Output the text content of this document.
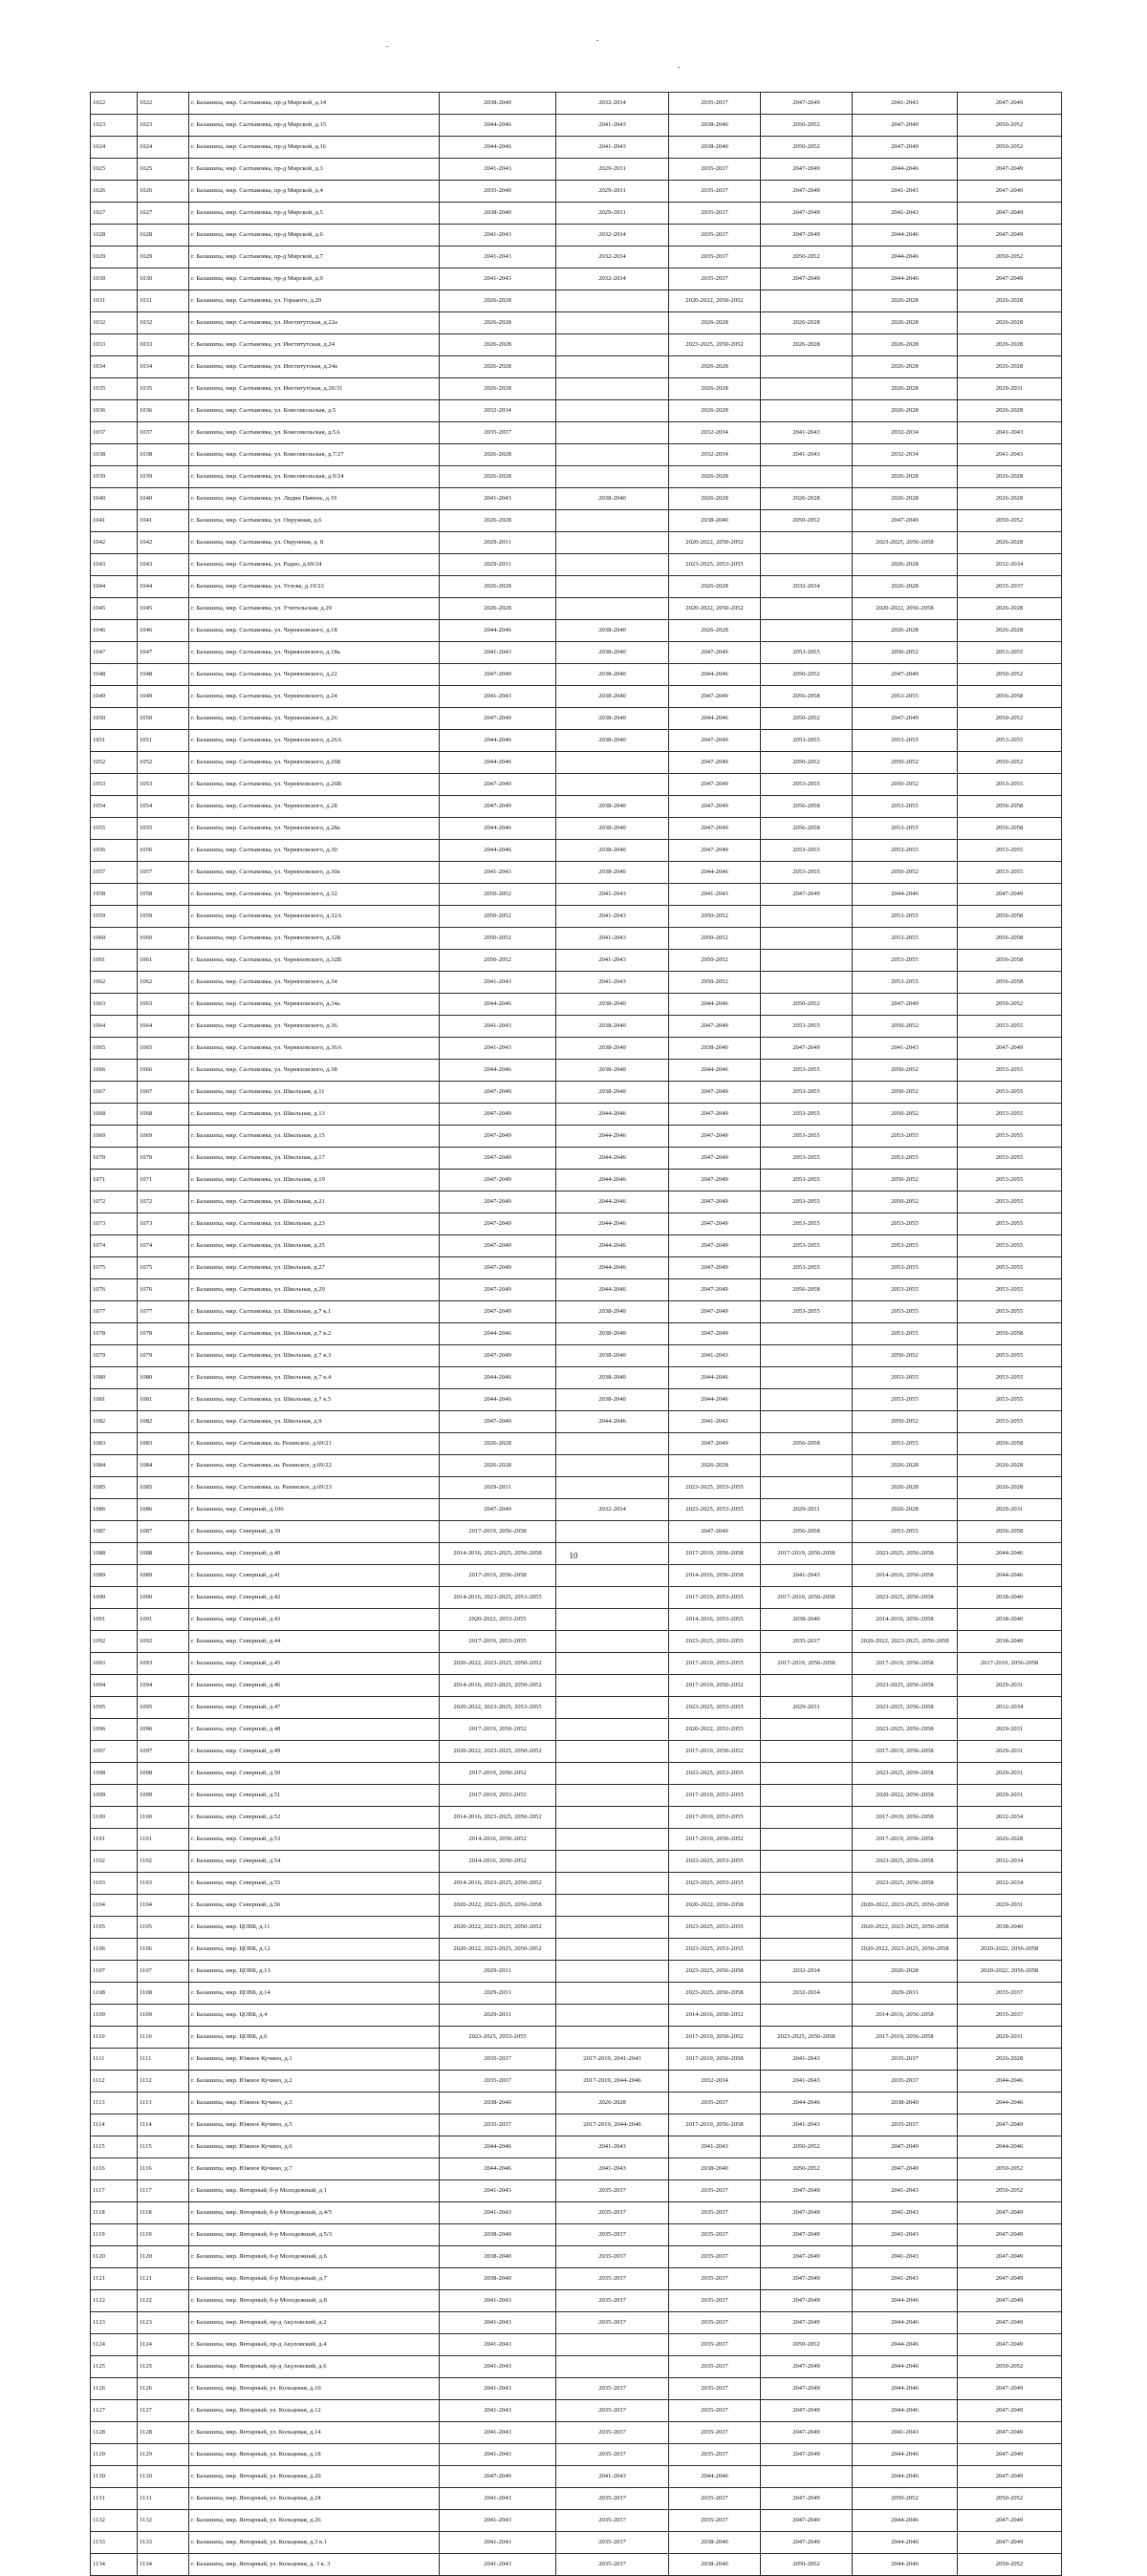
1022	1022	г. Балашиха, мкр. Салтыковка, пр-д Мирской, д.14	2038-2040	2032-2034	2035-2037	2047-2049	2041-2043	2047-2049
1023	1023	г. Балашиха, мкр. Салтыковка, пр-д Мирской, д.15	2044-2046	2041-2043	2038-2040	2050-2052	2047-2049	2050-2052
1024	1024	г. Балашиха, мкр. Салтыковка, пр-д Мирской, д.16	2044-2046	2041-2043	2038-2040	2050-2052	2047-2049	2050-2052
1025	1025	г. Балашиха, мкр. Салтыковка, пр-д Мирской, д.3	2041-2043	2029-2031	2035-2037	2047-2049	2044-2046	2047-2049
1026	1026	г. Балашиха, мкр. Салтыковка, пр-д Мирской, д.4	2035-2040	2029-2031	2035-2037	2047-2049	2041-2043	2047-2049
1027	1027	г. Балашиха, мкр. Салтыковка, пр-д Мирской, д.5	2038-2040	2029-2031	2035-2037	2047-2049	2041-2043	2047-2049
1028	1028	г. Балашиха, мкр. Салтыковка, пр-д Мирской, д.6	2041-2043	2032-2034	2035-2037	2047-2049	2044-2046	2047-2049
1029	1029	г. Балашиха, мкр. Салтыковка, пр-д Мирской, д.7	2041-2043	2032-2034	2035-2037	2050-2052	2044-2046	2050-2052
1030	1030	г. Балашиха, мкр. Салтыковка, пр-д Мирской, д.9	2041-2043	2032-2034	2035-2037	2047-2049	2044-2046	2047-2049
1031	1031	г. Балашиха, мкр. Салтыковка, ул. Горького, д.29	2026-2028		2020-2022, 2050-2052		2026-2028	2026-2028
1032	1032	г. Балашиха, мкр. Салтыковка, ул. Институтская, д.22а	2026-2028		2026-2028	2026-2028	2026-2028	2026-2028
1033	1033	г. Балашиха, мкр. Салтыковка, ул. Институтская, д.24	2026-2028		2023-2025, 2050-2052	2026-2028	2026-2028	2026-2028
1034	1034	г. Балашиха, мкр. Салтыковка, ул. Институтская, д.24а	2026-2028		2026-2028		2026-2028	2026-2028
1035	1035	г. Балашиха, мкр. Салтыковка, ул. Институтская, д.26/31	2026-2028		2026-2028		2026-2028	2029-2031
1036	1036	г. Балашиха, мкр. Салтыковка, ул. Комсомольская, д.5	2032-2034		2026-2028		2026-2028	2026-2028
1037	1037	г. Балашиха, мкр. Салтыковка, ул. Комсомольская, д.5А	2035-2037		2032-2034	2041-2043	2032-2034	2041-2043
1038	1038	г. Балашиха, мкр. Салтыковка, ул. Комсомольская, д.7/27	2026-2028		2032-2034	2041-2043	2032-2034	2041-2043
1039	1039	г. Балашиха, мкр. Салтыковка, ул. Комсомольская, д.9/24	2026-2028		2026-2028		2026-2028	2026-2028
1040	1040	г. Балашиха, мкр. Салтыковка, ул. Лидии Пивень, д.19	2041-2043	2038-2040	2026-2028	2026-2028	2026-2028	2026-2028
1041	1041	г. Балашиха, мкр. Салтыковка, ул. Окружная, д.6	2026-2028		2038-2040	2050-2052	2047-2049	2050-2052
1042	1042	г. Балашиха, мкр. Салтыковка, ул. Окружная, д. 8	2029-2031		2020-2022, 2050-2052		2023-2025, 2056-2058	2026-2028
1043	1043	г. Балашиха, мкр. Салтыковка, ул. Радио, д.69/24	2029-2031		2023-2025, 2053-2055		2026-2028	2032-2034
1044	1044	г. Балашиха, мкр. Салтыковка, ул. Углова, д.19/23	2026-2028		2026-2028	2032-2034	2026-2028	2035-2037
1045	1045	г. Балашиха, мкр. Салтыковка, ул. Учительская, д.29	2026-2028		2020-2022, 2050-2052		2020-2022, 2056-2058	2026-2028
1046	1046	г. Балашиха, мкр. Салтыковка, ул. Черняховского, д.18	2044-2046	2038-2040	2026-2028		2026-2028	2026-2028
1047	1047	г. Балашиха, мкр. Салтыковка, ул. Черняховского, д.18а	2041-2043	2038-2040	2047-2049	2053-2055	2050-2052	2053-2055
1048	1048	г. Балашиха, мкр. Салтыковка, ул. Черняховского, д.22	2047-2049	2038-2040	2044-2046	2050-2052	2047-2049	2050-2052
1049	1049	г. Балашиха, мкр. Салтыковка, ул. Черняховского, д.24	2041-2043	2038-2040	2047-2049	2056-2058	2053-2055	2056-2058
1050	1050	г. Балашиха, мкр. Салтыковка, ул. Черняховского, д.26	2047-2049	2038-2040	2044-2046	2050-2052	2047-2049	2050-2052
1051	1051	г. Балашиха, мкр. Салтыковка, ул. Черняховского, д.26А	2044-2046	2038-2040	2047-2049	2053-2055	2053-2055	2053-2055
1052	1052	г. Балашиха, мкр. Салтыковка, ул. Черняховского, д.26Б	2044-2046		2047-2049	2050-2052	2050-2052	2050-2052
1053	1053	г. Балашиха, мкр. Салтыковка, ул. Черняховского, д.26В	2047-2049		2047-2049	2053-2055	2050-2052	2053-2055
1054	1054	г. Балашиха, мкр. Салтыковка, ул. Черняховского, д.28	2047-2049	2038-2040	2047-2049	2056-2058	2053-2055	2056-2058
1055	1055	г. Балашиха, мкр. Салтыковка, ул. Черняховского, д.28а	2044-2046	2038-2040	2047-2049	2056-2058	2053-2055	2056-2058
1056	1056	г. Балашиха, мкр. Салтыковка, ул. Черняховского, д.30	2044-2046	2038-2040	2047-2049	2053-2055	2053-2055	2053-2055
1057	1057	г. Балашиха, мкр. Салтыковка, ул. Черняховского, д.30а	2041-2043	2038-2040	2044-2046	2053-2055	2050-2052	2053-2055
1058	1058	г. Балашиха, мкр. Салтыковка, ул. Черняховского, д.32	2050-2052	2041-2043	2041-2043	2047-2049	2044-2046	2047-2049
1059	1059	г. Балашиха, мкр. Салтыковка, ул. Черняховского, д.32А	2050-2052	2041-2043	2050-2052		2053-2055	2056-2058
1060	1060	г. Балашиха, мкр. Салтыковка, ул. Черняховского, д.32Б	2050-2052	2041-2043	2050-2052		2053-2055	2056-2058
1061	1061	г. Балашиха, мкр. Салтыковка, ул. Черняховского, д.32В	2050-2052	2041-2043	2050-2052		2053-2055	2056-2058
1062	1062	г. Балашиха, мкр. Салтыковка, ул. Черняховского, д.34	2041-2043	2041-2043	2050-2052		2053-2055	2056-2058
1063	1063	г. Балашиха, мкр. Салтыковка, ул. Черняховского, д.34а	2044-2046	2038-2040	2044-2046	2050-2052	2047-2049	2050-2052
1064	1064	г. Балашиха, мкр. Салтыковка, ул. Черняховского, д.36	2041-2043	2038-2040	2047-2049	2053-2055	2050-2052	2053-2055
1065	1065	г. Балашиха, мкр. Салтыковка, ул. Черняховского, д.36А	2041-2043	2038-2040	2038-2040	2047-2049	2041-2043	2047-2049
1066	1066	г. Балашиха, мкр. Салтыковка, ул. Черняховского, д.38	2044-2046	2038-2040	2044-2046	2053-2055	2050-2052	2053-2055
1067	1067	г. Балашиха, мкр. Салтыковка, ул. Школьная, д.11	2047-2049	2038-2040	2047-2049	2053-2055	2050-2052	2053-2055
1068	1068	г. Балашиха, мкр. Салтыковка, ул. Школьная, д.13	2047-2049	2044-2046	2047-2049	2053-2055	2050-2052	2053-2055
1069	1069	г. Балашиха, мкр. Салтыковка, ул. Школьная, д.15	2047-2049	2044-2046	2047-2049	2053-2055	2053-2055	2053-2055
1070	1070	г. Балашиха, мкр. Салтыковка, ул. Школьная, д.17	2047-2049	2044-2046	2047-2049	2053-2055	2053-2055	2053-2055
1071	1071	г. Балашиха, мкр. Салтыковка, ул. Школьная, д.19	2047-2049	2044-2046	2047-2049	2053-2055	2050-2052	2053-2055
1072	1072	г. Балашиха, мкр. Салтыковка, ул. Школьная, д.21	2047-2049	2044-2046	2047-2049	2053-2055	2050-2052	2053-2055
1073	1073	г. Балашиха, мкр. Салтыковка, ул. Школьная, д.23	2047-2049	2044-2046	2047-2049	2053-2055	2053-2055	2053-2055
1074	1074	г. Балашиха, мкр. Салтыковка, ул. Школьная, д.25	2047-2049	2044-2046	2047-2049	2053-2055	2053-2055	2053-2055
1075	1075	г. Балашиха, мкр. Салтыковка, ул. Школьная, д.27	2047-2049	2044-2046	2047-2049	2053-2055	2053-2055	2053-2055
1076	1076	г. Балашиха, мкр. Салтыковка, ул. Школьная, д.29	2047-2049	2044-2046	2047-2049	2056-2058	2053-2055	2053-2055
1077	1077	г. Балашиха, мкр. Салтыковка, ул. Школьная, д.7 к.1	2047-2049	2038-2040	2047-2049	2053-2055	2053-2055	2053-2055
1078	1078	г. Балашиха, мкр. Салтыковка, ул. Школьная, д.7 к.2	2044-2046	2038-2040	2047-2049		2053-2055	2056-2058
1079	1079	г. Балашиха, мкр. Салтыковка, ул. Школьная, д.7 к.3	2047-2049	2038-2040	2041-2043		2050-2052	2053-2055
1080	1080	г. Балашиха, мкр. Салтыковка, ул. Школьная, д.7 к.4	2044-2046	2038-2040	2044-2046		2053-2055	2053-2055
1081	1081	г. Балашиха, мкр. Салтыковка, ул. Школьная, д.7 к.5	2044-2046	2038-2040	2044-2046		2053-2055	2053-2055
1082	1082	г. Балашиха, мкр. Салтыковка, ул. Школьная, д.9	2047-2049	2044-2046	2041-2043		2050-2052	2053-2055
1083	1083	г. Балашиха, мкр. Салтыковка, ш. Разинское, д.69/21	2026-2028		2047-2049	2056-2058	2053-2055	2056-2058
1084	1084	г. Балашиха, мкр. Салтыковка, ш. Разинское, д.69/22	2026-2028		2026-2028		2026-2028	2026-2028
1085	1085	г. Балашиха, мкр. Салтыковка, ш. Разинское, д.69/23	2029-2031		2023-2025, 2053-2055		2026-2028	2026-2028
1086	1086	г. Балашиха, мкр. Северный, д.106	2047-2049	2032-2034	2023-2025, 2053-2055	2029-2031	2026-2028	2029-2031
1087	1087	г. Балашиха, мкр. Северный, д.39	2017-2019, 2056-2058		2047-2049	2056-2058	2053-2055	2056-2058
1088	1088	г. Балашиха, мкр. Северный, д.40	2014-2016, 2023-2025, 2056-2058		2017-2019, 2056-2058	2017-2019, 2056-2058	2023-2025, 2056-2058	2044-2046
1089	1089	г. Балашиха, мкр. Северный, д.41	2017-2019, 2056-2058		2014-2016, 2056-2058	2041-2043	2014-2016, 2056-2058	2044-2046
1090	1090	г. Балашиха, мкр. Северный, д.42	2014-2016, 2023-2025, 2053-2055		2017-2019, 2053-2055	2017-2019, 2056-2058	2023-2025, 2056-2058	2038-2040
1091	1091	г. Балашиха, мкр. Северный, д.43	2020-2022, 2053-2055		2014-2016, 2053-2055	2038-2040	2014-2016, 2056-2058	2038-2040
1092	1092	г. Балашиха, мкр. Северный, д.44	2017-2019, 2053-2055		2023-2025, 2053-2055	2035-2037	2020-2022, 2023-2025, 2056-2058	2038-2040
1093	1093	г. Балашиха, мкр. Северный, д.45	2020-2022, 2023-2025, 2050-2052		2017-2019, 2053-2055	2017-2019, 2056-2058	2017-2019, 2056-2058	2017-2019, 2056-2058
1094	1094	г. Балашиха, мкр. Северный, д.46	2014-2016, 2023-2025, 2050-2052		2017-2019, 2050-2052		2023-2025, 2056-2058	2029-2031
1095	1095	г. Балашиха, мкр. Северный, д.47	2020-2022, 2023-2025, 2053-2055		2023-2025, 2053-2055	2029-2031	2023-2025, 2056-2058	2032-2034
1096	1096	г. Балашиха, мкр. Северный, д.48	2017-2019, 2050-2052		2020-2022, 2053-2055		2023-2025, 2056-2058	2029-2031
1097	1097	г. Балашиха, мкр. Северный, д.49	2020-2022, 2023-2025, 2050-2052		2017-2019, 2050-2052		2017-2019, 2056-2058	2029-2031
1098	1098	г. Балашиха, мкр. Северный, д.50	2017-2019, 2050-2052		2023-2025, 2053-2055		2023-2025, 2056-2058	2029-2031
1099	1099	г. Балашиха, мкр. Северный, д.51	2017-2019, 2053-2055		2017-2019, 2053-2055		2020-2022, 2056-2058	2029-2031
1100	1100	г. Балашиха, мкр. Северный, д.52	2014-2016, 2023-2025, 2050-2052		2017-2019, 2053-2055		2017-2019, 2056-2058	2032-2034
1101	1101	г. Балашиха, мкр. Северный, д.53	2014-2016, 2050-2052		2017-2019, 2050-2052		2017-2019, 2056-2058	2026-2028
1102	1102	г. Балашиха, мкр. Северный, д.54	2014-2016, 2050-2052		2023-2025, 2053-2055		2023-2025, 2056-2058	2032-2034
1103	1103	г. Балашиха, мкр. Северный, д.55	2014-2016, 2023-2025, 2050-2052		2023-2025, 2053-2055		2023-2025, 2056-2058	2032-2034
1104	1104	г. Балашиха, мкр. Северный, д.56	2020-2022, 2023-2025, 2056-2058		2020-2022, 2056-2058		2020-2022, 2023-2025, 2056-2058	2029-2031
1105	1105	г. Балашиха, мкр. ЦОВБ, д.11	2020-2022, 2023-2025, 2050-2052		2023-2025, 2053-2055		2020-2022, 2023-2025, 2056-2058	2038-2040
1106	1106	г. Балашиха, мкр. ЦОВБ, д.12	2020-2022, 2023-2025, 2050-2052		2023-2025, 2053-2055		2020-2022, 2023-2025, 2056-2058	2020-2022, 2056-2058
1107	1107	г. Балашиха, мкр. ЦОВБ, д.13	2029-2031		2023-2025, 2056-2058	2032-2034	2026-2028	2020-2022, 2056-2058
1108	1108	г. Балашиха, мкр. ЦОВБ, д.14	2029-2031		2023-2025, 2056-2058	2032-2034	2029-2031	2035-2037
1109	1109	г. Балашиха, мкр. ЦОВБ, д.4	2029-2031		2014-2016, 2050-2052		2014-2016, 2056-2058	2035-2037
1110	1110	г. Балашиха, мкр. ЦОВБ, д.6	2023-2025, 2053-2055		2017-2019, 2050-2052	2023-2025, 2056-2058	2017-2019, 2056-2058	2029-2031
1111	1111	г. Балашиха, мкр. Южное Кучино, д.1	2035-2037	2017-2019, 2041-2043	2017-2019, 2056-2058	2041-2043	2035-2037	2026-2028
1112	1112	г. Балашиха, мкр. Южное Кучино, д.2	2035-2037	2017-2019, 2044-2046	2032-2034	2041-2043	2035-2037	2044-2046
1113	1113	г. Балашиха, мкр. Южное Кучино, д.3	2038-2040	2026-2028	2035-2037	2044-2046	2038-2040	2044-2046
1114	1114	г. Балашиха, мкр. Южное Кучино, д.5	2035-2037	2017-2019, 2044-2046	2017-2019, 2056-2058	2041-2043	2035-2037	2047-2049
1115	1115	г. Балашиха, мкр. Южное Кучино, д.6	2044-2046	2041-2043	2041-2043	2050-2052	2047-2049	2044-2046
1116	1116	г. Балашиха, мкр. Южное Кучино, д.7	2044-2046	2041-2043	2038-2040	2050-2052	2047-2049	2050-2052
1117	1117	г. Балашиха, мкр. Янтарный, б-р Молодежный, д.1	2041-2043	2035-2037	2035-2037	2047-2049	2041-2043	2050-2052
1118	1118	г. Балашиха, мкр. Янтарный, б-р Молодежный, д.4/5	2041-2043	2035-2037	2035-2037	2047-2049	2041-2043	2047-2049
1119	1119	г. Балашиха, мкр. Янтарный, б-р Молодежный, д.5/3	2038-2040	2035-2037	2035-2037	2047-2049	2041-2043	2047-2049
1120	1120	г. Балашиха, мкр. Янтарный, б-р Молодежный, д.6	2038-2040	2035-2037	2035-2037	2047-2049	2041-2043	2047-2049
1121	1121	г. Балашиха, мкр. Янтарный, б-р Молодежный, д.7	2038-2040	2035-2037	2035-2037	2047-2049	2041-2043	2047-2049
1122	1122	г. Балашиха, мкр. Янтарный, б-р Молодежный, д.8	2041-2043	2035-2037	2035-2037	2047-2049	2044-2046	2047-2049
1123	1123	г. Балашиха, мкр. Янтарный, пр-д Акуловский, д.2	2041-2043	2035-2037	2035-2037	2047-2049	2044-2046	2047-2049
1124	1124	г. Балашиха, мкр. Янтарный, пр-д Акуловский, д.4	2041-2043		2035-2037	2050-2052	2044-2046	2047-2049
1125	1125	г. Балашиха, мкр. Янтарный, пр-д Акуловский, д.6	2041-2043		2035-2037	2047-2049	2044-2046	2050-2052
1126	1126	г. Балашиха, мкр. Янтарный, ул. Кольцевая, д.10	2041-2043	2035-2037	2035-2037	2047-2049	2044-2046	2047-2049
1127	1127	г. Балашиха, мкр. Янтарный, ул. Кольцевая, д.12	2041-2043	2035-2037	2035-2037	2047-2049	2044-2046	2047-2049
1128	1128	г. Балашиха, мкр. Янтарный, ул. Кольцевая, д.14	2041-2043	2035-2037	2035-2037	2047-2049	2041-2043	2047-2049
1129	1129	г. Балашиха, мкр. Янтарный, ул. Кольцевая, д.18	2041-2043	2035-2037	2035-2037	2047-2049	2044-2046	2047-2049
1130	1130	г. Балашиха, мкр. Янтарный, ул. Кольцевая, д.20	2047-2049	2041-2043	2044-2046		2044-2046	2047-2049
1131	1131	г. Балашиха, мкр. Янтарный, ул. Кольцевая, д.24	2041-2043	2035-2037	2035-2037	2047-2049	2050-2052	2050-2052
1132	1132	г. Балашиха, мкр. Янтарный, ул. Кольцевая, д.26	2041-2043	2035-2037	2035-2037	2047-2049	2044-2046	2047-2049
1133	1133	г. Балашиха, мкр. Янтарный, ул. Кольцевая, д.3 к.1	2041-2043	2035-2037	2038-2040	2047-2049	2044-2046	2047-2049
1134	1134	г. Балашиха, мкр. Янтарный, ул. Кольцевая, д. 3 к. 3	2041-2043	2035-2037	2038-2040	2050-2052	2044-2046	2050-2052
10
